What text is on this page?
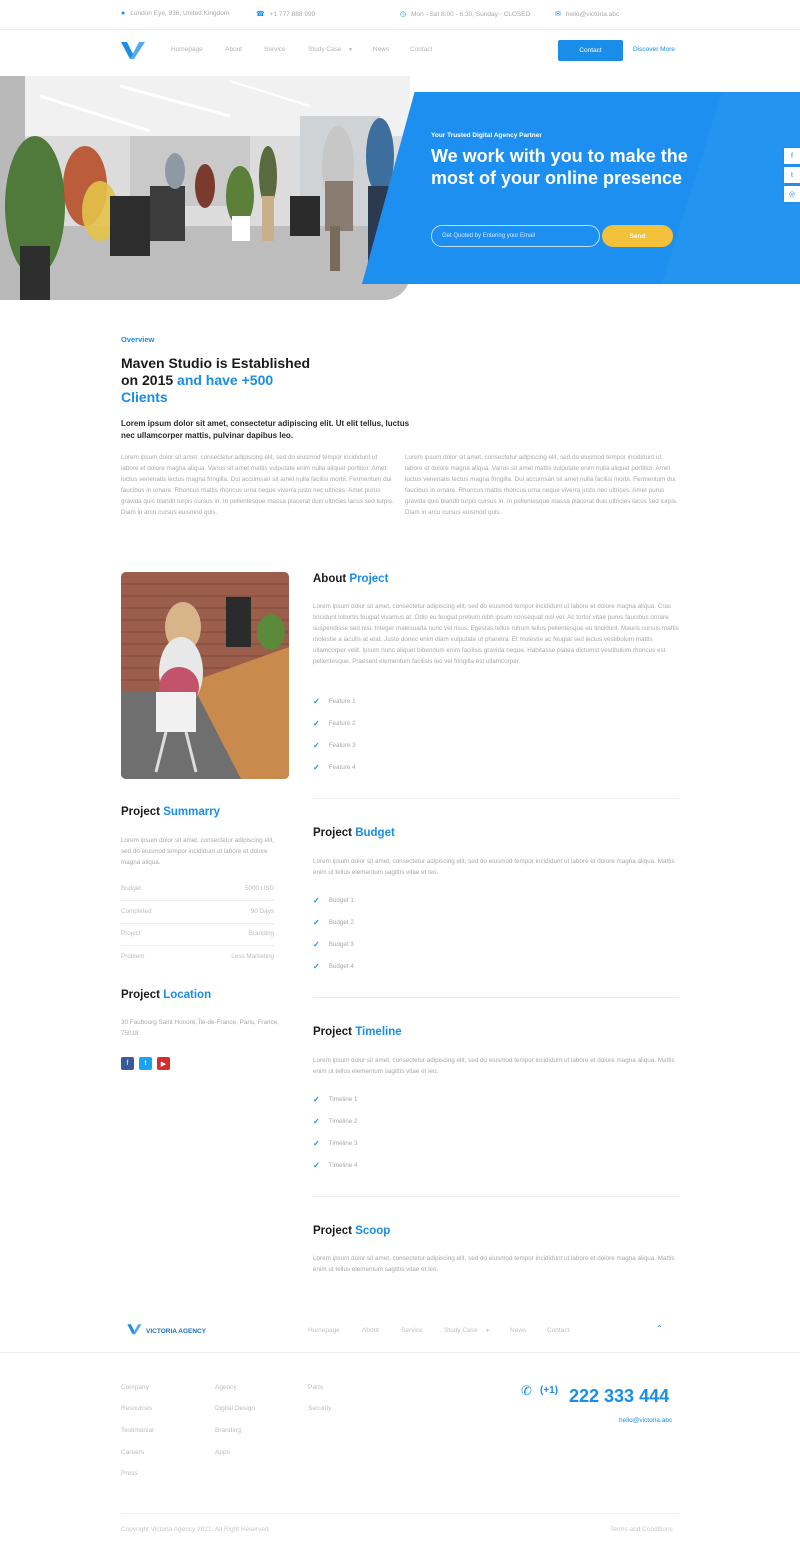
● London Eye, 936, United Kingdom	☎ +1 777 888 999	◷ Mon - Sat 8:00 - 6:30, Sunday - CLOSED	✉ hello@victoria.abc
Homepage	About	Service	Study Case ▼	News	Contact	Contact	Discover More
Your Trusted Digital Agency Partner
We work with you to make the most of your online presence
Get Quoted by Entering your Email	Send
f
t
◎
Overview
Maven Studio is Established on 2015 and have +500 Clients
Lorem ipsum dolor sit amet, consectetur adipiscing elit. Ut elit tellus, luctus nec ullamcorper mattis, pulvinar dapibus leo.
Lorem ipsum dolor sit amet, consectetur adipiscing elit, sed do eiusmod tempor incididunt ut labore et dolore magna aliqua. Varius sit amet mattis vulputate enim nulla aliquet porttitor. Amet luctus venenatis lectus magna fringilla. Dui accumsan sit amet nulla facilisi morbi. Fermentum dui faucibus in ornare. Rhoncus mattis rhoncus urna neque viverra justo nec ultrices. Amet purus gravida quis blandit turpis cursus in. In pellentesque massa placerat duis ultricies lacus sed turpis. Diam in arcu cursus euismod quis.
Lorem ipsum dolor sit amet, consectetur adipiscing elit, sed do eiusmod tempor incididunt ut labore et dolore magna aliqua. Varius sit amet mattis vulputate enim nulla aliquet porttitor. Amet luctus venenatis lectus magna fringilla. Dui accumsan sit amet nulla facilisi morbi. Fermentum dui faucibus in ornare. Rhoncus mattis rhoncus urna neque viverra justo nec ultrices. Amet purus gravida quis blandit turpis cursus in. In pellentesque massa placerat duis ultricies lacus sed turpis. Diam in arcu cursus euismod quis.
About Project
Lorem ipsum dolor sit amet, consectetur adipiscing elit, sed do eiusmod tempor incididunt ut labore et dolore magna aliqua. Cras tincidunt lobortis feugiat vivamus at. Odio eu feugiat pretium nibh ipsum consequat nisl vel. Ac tortor vitae purus faucibus ornare suspendisse sed nisi. Integer malesuada nunc vel risus. Egestas tellus rutrum tellus pellentesque eu tincidunt. Mauris cursus mattis molestie a iaculis at erat. Justo donec enim diam vulputate ut pharetra. Et molestie ac feugiat sed lectus vestibulum mattis ullamcorper velit. Ipsum nunc aliquet bibendum enim facilisis gravida neque. Habitasse platea dictumst vestibulum rhoncus est pellentesque. Praesent elementum facilisis leo vel fringilla est ullamcorper.
✓ Feature 1
✓ Feature 2
✓ Feature 3
✓ Feature 4
Project Summarry
Lorem ipsum dolor sit amet, consectetur adipiscing elit, sed do eiusmod tempor incididunt ut labore et dolore magna aliqua.
Budget	5000 USD
Completed	90 Days
Project	Branding
Problem	Less Marketing
Project Location
30 Faubourg Saint Honoré, Île-de-France, Paris, France, 75018
f	t	▶
Project Budget
Lorem ipsum dolor sit amet, consectetur adipiscing elit, sed do eiusmod tempor incididunt ut labore et dolore magna aliqua. Mattis enim ut tellus elementum sagittis vitae et leo.
✓ Budget 1
✓ Budget 2
✓ Budget 3
✓ Budget 4
Project Timeline
Lorem ipsum dolor sit amet, consectetur adipiscing elit, sed do eiusmod tempor incididunt ut labore et dolore magna aliqua. Mattis enim ut tellus elementum sagittis vitae et leo.
✓ Timeline 1
✓ Timeline 2
✓ Timeline 3
✓ Timeline 4
Project Scoop
Lorem ipsum dolor sit amet, consectetur adipiscing elit, sed do eiusmod tempor incididunt ut labore et dolore magna aliqua. Mattis enim ut tellus elementum sagittis vitae et leo.
VICTORIA AGENCY	Homepage	About	Service	Study Case ▼	News	Contact	⌃
Company
Resources
Testimonial
Careers
Press
Agency
Digital Design
Branding
Apps
Parts
Security
✆ (+1) 222 333 444
hello@victoria.abc
Copyright Victoria Agency 2021. All Right Reserved	Terms and Conditions
